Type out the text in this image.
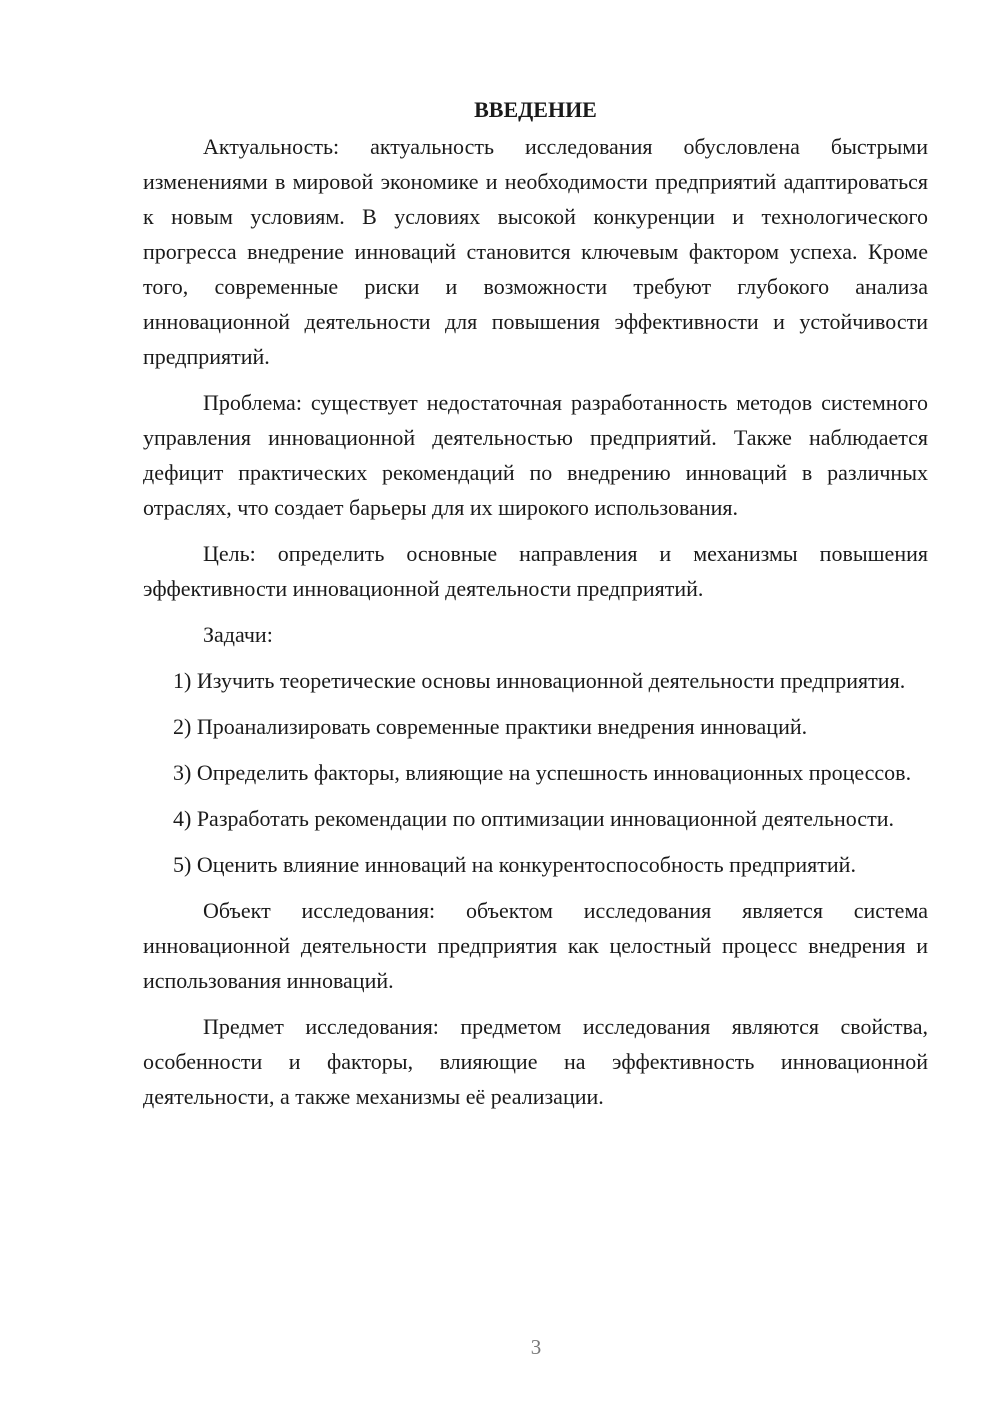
ВВЕДЕНИЕ

Актуальность: актуальность исследования обусловлена быстрыми изменениями в мировой экономике и необходимости предприятий адаптироваться к новым условиям. В условиях высокой конкуренции и технологического прогресса внедрение инноваций становится ключевым фактором успеха. Кроме того, современные риски и возможности требуют глубокого анализа инновационной деятельности для повышения эффективности и устойчивости предприятий.

Проблема: существует недостаточная разработанность методов системного управления инновационной деятельностью предприятий. Также наблюдается дефицит практических рекомендаций по внедрению инноваций в различных отраслях, что создает барьеры для их широкого использования.

Цель: определить основные направления и механизмы повышения эффективности инновационной деятельности предприятий.

Задачи:

1) Изучить теоретические основы инновационной деятельности предприятия.
2) Проанализировать современные практики внедрения инноваций.
3) Определить факторы, влияющие на успешность инновационных процессов.
4) Разработать рекомендации по оптимизации инновационной деятельности.
5) Оценить влияние инноваций на конкурентоспособность предприятий.

Объект исследования: объектом исследования является система инновационной деятельности предприятия как целостный процесс внедрения и использования инноваций.

Предмет исследования: предметом исследования являются свойства, особенности и факторы, влияющие на эффективность инновационной деятельности, а также механизмы её реализации.

3
